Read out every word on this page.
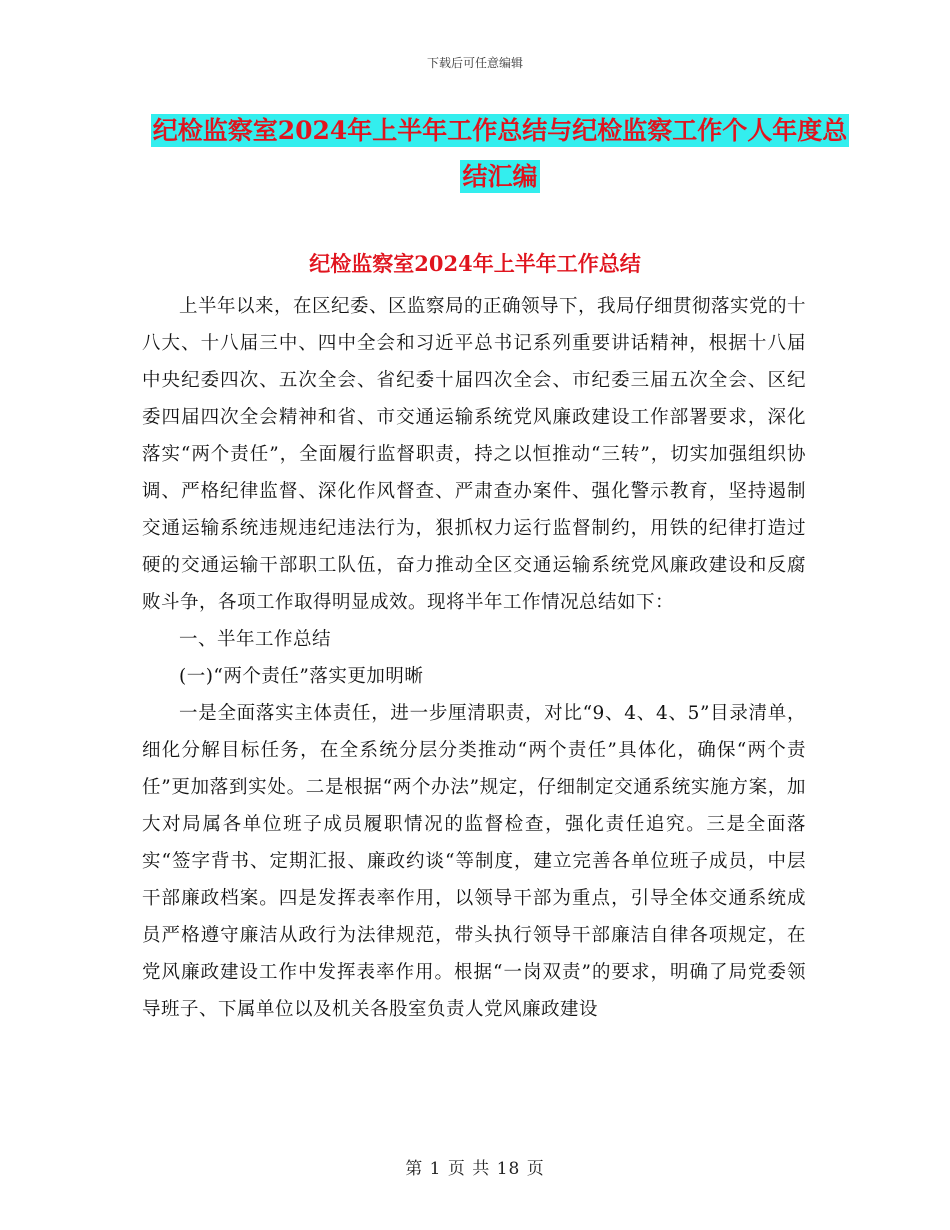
下载后可任意编辑
纪检监察室2024年上半年工作总结与纪检监察工作个人年度总结汇编
纪检监察室2024年上半年工作总结

上半年以来，在区纪委、区监察局的正确领导下，我局仔细贯彻落实党的十八大、十八届三中、四中全会和习近平总书记系列重要讲话精神，根据十八届中央纪委四次、五次全会、省纪委十届四次全会、市纪委三届五次全会、区纪委四届四次全会精神和省、市交通运输系统党风廉政建设工作部署要求，深化落实“两个责任”，全面履行监督职责，持之以恒推动“三转”，切实加强组织协调、严格纪律监督、深化作风督查、严肃查办案件、强化警示教育，坚持遏制交通运输系统违规违纪违法行为，狠抓权力运行监督制约，用铁的纪律打造过硬的交通运输干部职工队伍，奋力推动全区交通运输系统党风廉政建设和反腐败斗争，各项工作取得明显成效。现将半年工作情况总结如下：

一、半年工作总结

(一)“两个责任”落实更加明晰

一是全面落实主体责任，进一步厘清职责，对比“9、4、4、5”目录清单，细化分解目标任务，在全系统分层分类推动“两个责任”具体化，确保“两个责任”更加落到实处。二是根据“两个办法”规定，仔细制定交通系统实施方案，加大对局属各单位班子成员履职情况的监督检查，强化责任追究。三是全面落实“签字背书、定期汇报、廉政约谈“等制度，建立完善各单位班子成员，中层干部廉政档案。四是发挥表率作用，以领导干部为重点，引导全体交通系统成员严格遵守廉洁从政行为法律规范，带头执行领导干部廉洁自律各项规定，在党风廉政建设工作中发挥表率作用。根据“一岗双责”的要求，明确了局党委领导班子、下属单位以及机关各股室负责人党风廉政建设

第 1 页 共 18 页
